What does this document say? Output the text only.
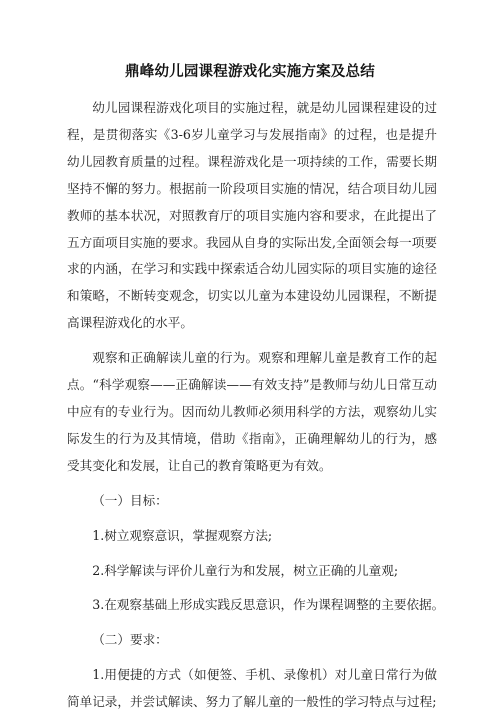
鼎峰幼儿园课程游戏化实施方案及总结

幼儿园课程游戏化项目的实施过程，就是幼儿园课程建设的过程，是贯彻落实《3-6岁儿童学习与发展指南》的过程，也是提升幼儿园教育质量的过程。课程游戏化是一项持续的工作，需要长期坚持不懈的努力。根据前一阶段项目实施的情况，结合项目幼儿园教师的基本状况，对照教育厅的项目实施内容和要求，在此提出了五方面项目实施的要求。我园从自身的实际出发,全面领会每一项要求的内涵，在学习和实践中探索适合幼儿园实际的项目实施的途径和策略，不断转变观念，切实以儿童为本建设幼儿园课程，不断提高课程游戏化的水平。

观察和正确解读儿童的行为。观察和理解儿童是教育工作的起点。“科学观察——正确解读——有效支持”是教师与幼儿日常互动中应有的专业行为。因而幼儿教师必须用科学的方法，观察幼儿实际发生的行为及其情境，借助《指南》，正确理解幼儿的行为，感受其变化和发展，让自己的教育策略更为有效。

（一）目标：

1.树立观察意识，掌握观察方法;

2.科学解读与评价儿童行为和发展，树立正确的儿童观;

3.在观察基础上形成实践反思意识，作为课程调整的主要依据。

（二）要求：

1.用便捷的方式（如便签、手机、录像机）对儿童日常行为做简单记录，并尝试解读、努力了解儿童的一般性的学习特点与过程;
